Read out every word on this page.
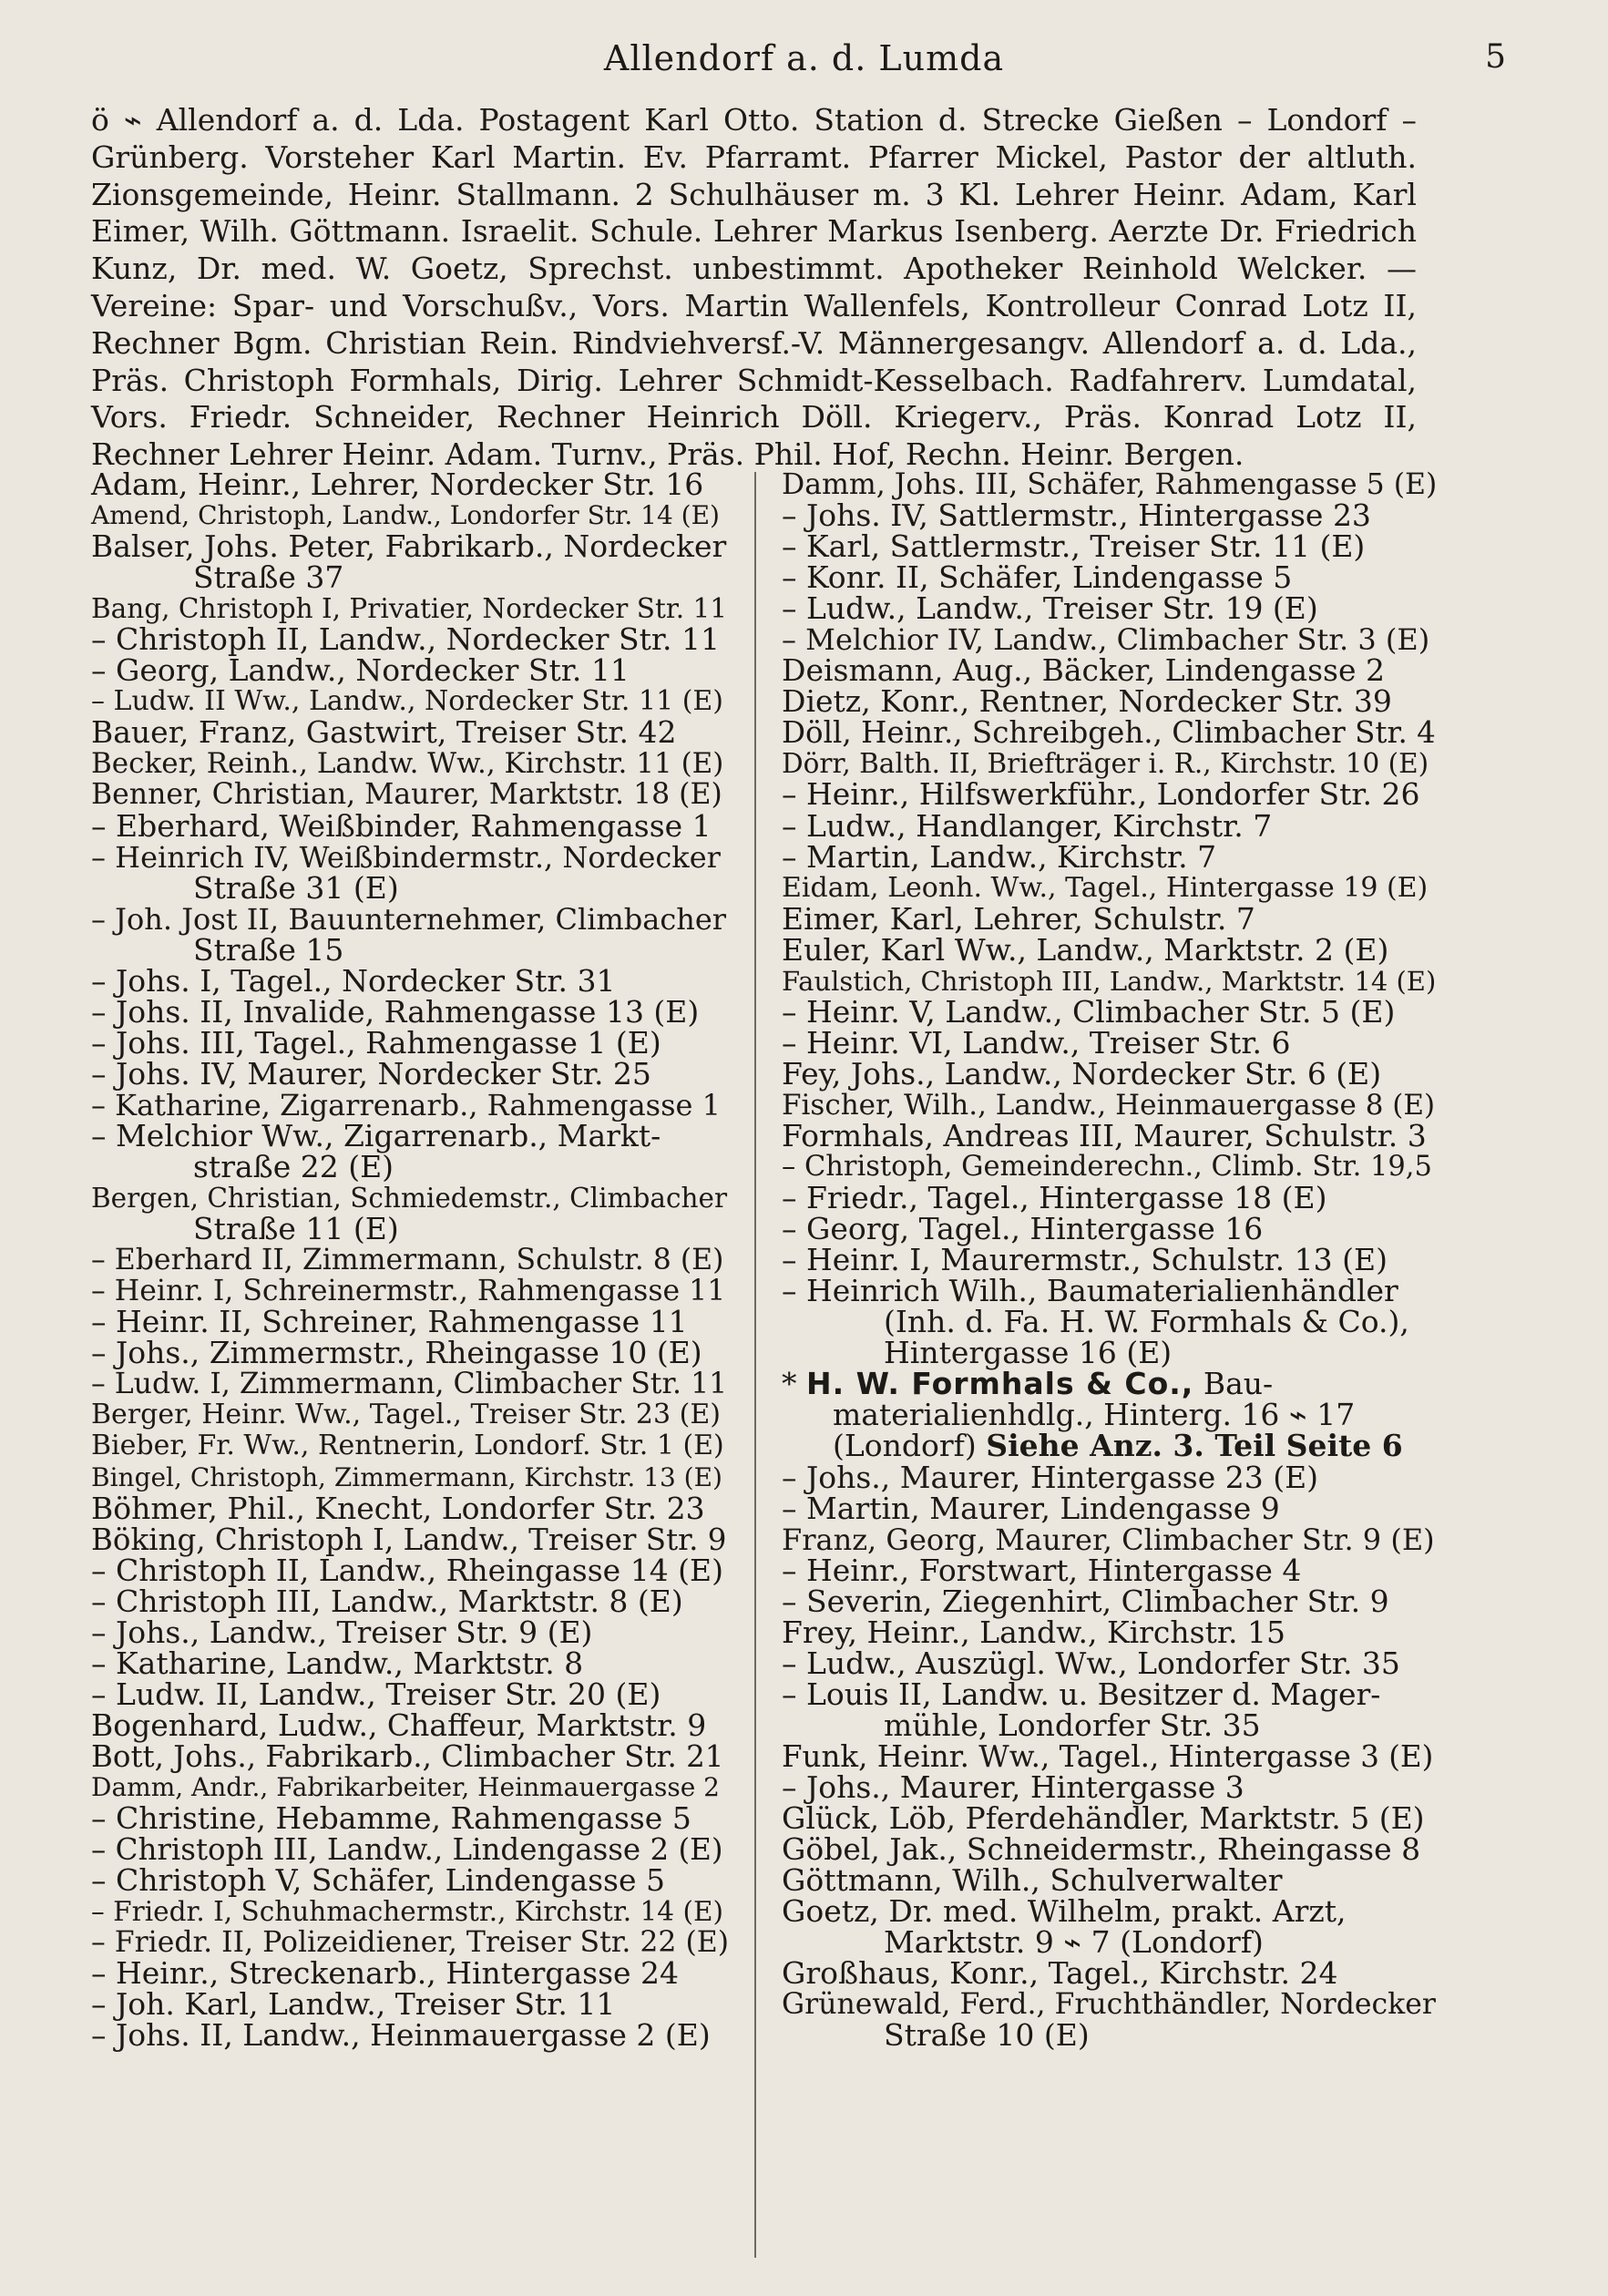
Allendorf a. d. Lumda	5
ö ⌁ Allendorf a. d. Lda. Postagent Karl Otto. Station d. Strecke Gießen – Londorf – Grünberg. Vorsteher Karl Martin. Ev. Pfarramt. Pfarrer Mickel, Pastor der altluth. Zionsgemeinde, Heinr. Stallmann. 2 Schulhäuser m. 3 Kl. Lehrer Heinr. Adam, Karl Eimer, Wilh. Göttmann. Israelit. Schule. Lehrer Markus Isenberg. Aerzte Dr. Friedrich Kunz, Dr. med. W. Goetz, Sprechst. unbestimmt. Apotheker Reinhold Welcker. — Vereine: Spar- und Vorschußv., Vors. Martin Wallenfels, Kontrolleur Conrad Lotz II, Rechner Bgm. Christian Rein. Rindviehversf.-V. Männergesangv. Allendorf a. d. Lda., Präs. Christoph Formhals, Dirig. Lehrer Schmidt-Kesselbach. Radfahrerv. Lumdatal, Vors. Friedr. Schneider, Rechner Heinrich Döll. Kriegerv., Präs. Konrad Lotz II, Rechner Lehrer Heinr. Adam. Turnv., Präs. Phil. Hof, Rechn. Heinr. Bergen.
Adam, Heinr., Lehrer, Nordecker Str. 16
Amend, Christoph, Landw., Londorfer Str. 14 (E)
Balser, Johs. Peter, Fabrikarb., Nordecker
Straße 37
Bang, Christoph I, Privatier, Nordecker Str. 11
– Christoph II, Landw., Nordecker Str. 11
– Georg, Landw., Nordecker Str. 11
– Ludw. II Ww., Landw., Nordecker Str. 11 (E)
Bauer, Franz, Gastwirt, Treiser Str. 42
Becker, Reinh., Landw. Ww., Kirchstr. 11 (E)
Benner, Christian, Maurer, Marktstr. 18 (E)
– Eberhard, Weißbinder, Rahmengasse 1
– Heinrich IV, Weißbindermstr., Nordecker
Straße 31 (E)
– Joh. Jost II, Bauunternehmer, Climbacher
Straße 15
– Johs. I, Tagel., Nordecker Str. 31
– Johs. II, Invalide, Rahmengasse 13 (E)
– Johs. III, Tagel., Rahmengasse 1 (E)
– Johs. IV, Maurer, Nordecker Str. 25
– Katharine, Zigarrenarb., Rahmengasse 1
– Melchior Ww., Zigarrenarb., Markt-
straße 22 (E)
Bergen, Christian, Schmiedemstr., Climbacher
Straße 11 (E)
– Eberhard II, Zimmermann, Schulstr. 8 (E)
– Heinr. I, Schreinermstr., Rahmengasse 11
– Heinr. II, Schreiner, Rahmengasse 11
– Johs., Zimmermstr., Rheingasse 10 (E)
– Ludw. I, Zimmermann, Climbacher Str. 11
Berger, Heinr. Ww., Tagel., Treiser Str. 23 (E)
Bieber, Fr. Ww., Rentnerin, Londorf. Str. 1 (E)
Bingel, Christoph, Zimmermann, Kirchstr. 13 (E)
Böhmer, Phil., Knecht, Londorfer Str. 23
Böking, Christoph I, Landw., Treiser Str. 9
– Christoph II, Landw., Rheingasse 14 (E)
– Christoph III, Landw., Marktstr. 8 (E)
– Johs., Landw., Treiser Str. 9 (E)
– Katharine, Landw., Marktstr. 8
– Ludw. II, Landw., Treiser Str. 20 (E)
Bogenhard, Ludw., Chaffeur, Marktstr. 9
Bott, Johs., Fabrikarb., Climbacher Str. 21
Damm, Andr., Fabrikarbeiter, Heinmauergasse 2
– Christine, Hebamme, Rahmengasse 5
– Christoph III, Landw., Lindengasse 2 (E)
– Christoph V, Schäfer, Lindengasse 5
– Friedr. I, Schuhmachermstr., Kirchstr. 14 (E)
– Friedr. II, Polizeidiener, Treiser Str. 22 (E)
– Heinr., Streckenarb., Hintergasse 24
– Joh. Karl, Landw., Treiser Str. 11
– Johs. II, Landw., Heinmauergasse 2 (E)
Damm, Johs. III, Schäfer, Rahmengasse 5 (E)
– Johs. IV, Sattlermstr., Hintergasse 23
– Karl, Sattlermstr., Treiser Str. 11 (E)
– Konr. II, Schäfer, Lindengasse 5
– Ludw., Landw., Treiser Str. 19 (E)
– Melchior IV, Landw., Climbacher Str. 3 (E)
Deismann, Aug., Bäcker, Lindengasse 2
Dietz, Konr., Rentner, Nordecker Str. 39
Döll, Heinr., Schreibgeh., Climbacher Str. 4
Dörr, Balth. II, Briefträger i. R., Kirchstr. 10 (E)
– Heinr., Hilfswerkführ., Londorfer Str. 26
– Ludw., Handlanger, Kirchstr. 7
– Martin, Landw., Kirchstr. 7
Eidam, Leonh. Ww., Tagel., Hintergasse 19 (E)
Eimer, Karl, Lehrer, Schulstr. 7
Euler, Karl Ww., Landw., Marktstr. 2 (E)
Faulstich, Christoph III, Landw., Marktstr. 14 (E)
– Heinr. V, Landw., Climbacher Str. 5 (E)
– Heinr. VI, Landw., Treiser Str. 6
Fey, Johs., Landw., Nordecker Str. 6 (E)
Fischer, Wilh., Landw., Heinmauergasse 8 (E)
Formhals, Andreas III, Maurer, Schulstr. 3
– Christoph, Gemeinderechn., Climb. Str. 19,5
– Friedr., Tagel., Hintergasse 18 (E)
– Georg, Tagel., Hintergasse 16
– Heinr. I, Maurermstr., Schulstr. 13 (E)
– Heinrich Wilh., Baumaterialienhändler
(Inh. d. Fa. H. W. Formhals & Co.),
Hintergasse 16 (E)
* H. W. Formhals & Co., Bau-
materialienhdlg., Hinterg. 16 ⌁ 17
(Londorf) Siehe Anz. 3. Teil Seite 6
– Johs., Maurer, Hintergasse 23 (E)
– Martin, Maurer, Lindengasse 9
Franz, Georg, Maurer, Climbacher Str. 9 (E)
– Heinr., Forstwart, Hintergasse 4
– Severin, Ziegenhirt, Climbacher Str. 9
Frey, Heinr., Landw., Kirchstr. 15
– Ludw., Auszügl. Ww., Londorfer Str. 35
– Louis II, Landw. u. Besitzer d. Mager-
mühle, Londorfer Str. 35
Funk, Heinr. Ww., Tagel., Hintergasse 3 (E)
– Johs., Maurer, Hintergasse 3
Glück, Löb, Pferdehändler, Marktstr. 5 (E)
Göbel, Jak., Schneidermstr., Rheingasse 8
Göttmann, Wilh., Schulverwalter
Goetz, Dr. med. Wilhelm, prakt. Arzt,
Marktstr. 9 ⌁ 7 (Londorf)
Großhaus, Konr., Tagel., Kirchstr. 24
Grünewald, Ferd., Fruchthändler, Nordecker
Straße 10 (E)
